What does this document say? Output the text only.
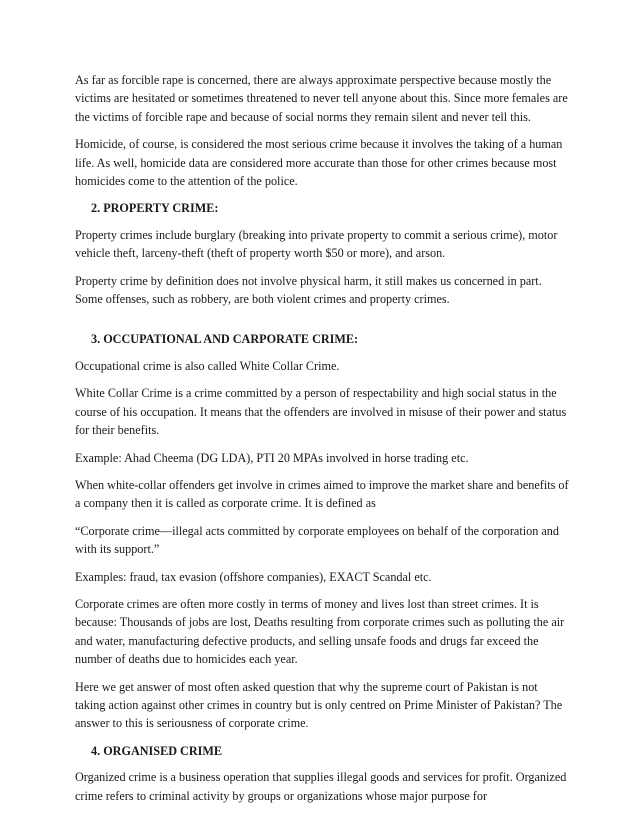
As far as forcible rape is concerned, there are always approximate perspective because mostly the victims are hesitated or sometimes threatened to never tell anyone about this. Since more females are the victims of forcible rape and because of social norms they remain silent and never tell this.

Homicide, of course, is considered the most serious crime because it involves the taking of a human life. As well, homicide data are considered more accurate than those for other crimes because most homicides come to the attention of the police.

2. PROPERTY CRIME:

Property crimes include burglary (breaking into private property to commit a serious crime), motor vehicle theft, larceny-theft (theft of property worth $50 or more), and arson.

Property crime by definition does not involve physical harm, it still makes us concerned in part. Some offenses, such as robbery, are both violent crimes and property crimes.

3. OCCUPATIONAL AND CARPORATE CRIME:

Occupational crime is also called White Collar Crime.

White Collar Crime is a crime committed by a person of respectability and high social status in the course of his occupation. It means that the offenders are involved in misuse of their power and status for their benefits.

Example: Ahad Cheema (DG LDA), PTI 20 MPAs involved in horse trading etc.

When white-collar offenders get involve in crimes aimed to improve the market share and benefits of a company then it is called as corporate crime. It is defined as

“Corporate crime—illegal acts committed by corporate employees on behalf of the corporation and with its support.”

Examples: fraud, tax evasion (offshore companies), EXACT Scandal etc.

Corporate crimes are often more costly in terms of money and lives lost than street crimes. It is because: Thousands of jobs are lost, Deaths resulting from corporate crimes such as polluting the air and water, manufacturing defective products, and selling unsafe foods and drugs far exceed the number of deaths due to homicides each year.

Here we get answer of most often asked question that why the supreme court of Pakistan is not taking action against other crimes in country but is only centred on Prime Minister of Pakistan? The answer to this is seriousness of corporate crime.

4. ORGANISED CRIME

Organized crime is a business operation that supplies illegal goods and services for profit. Organized crime refers to criminal activity by groups or organizations whose major purpose for
